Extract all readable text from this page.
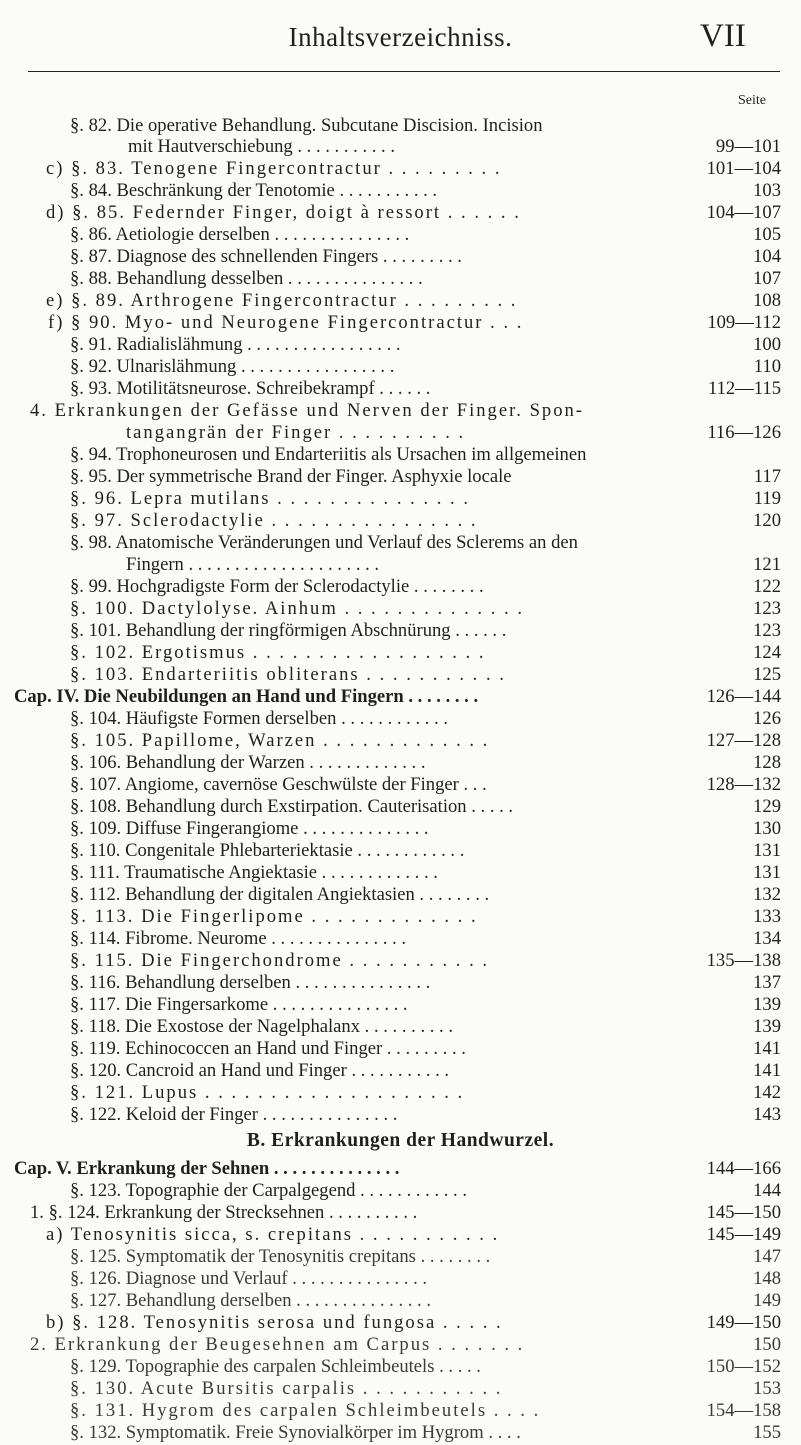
Inhaltsverzeichniss.	VII
Seite
§. 82. Die operative Behandlung. Subcutane Discision. Incision
mit Hautverschiebung . . . . . . . . . . .	99—101
c) §. 83. Tenogene Fingercontractur . . . . . . . . .	101—104
§. 84. Beschränkung der Tenotomie . . . . . . . . . . .	103
d) §. 85. Federnder Finger, doigt à ressort . . . . . .	104—107
§. 86. Aetiologie derselben . . . . . . . . . . . . . . .	105
§. 87. Diagnose des schnellenden Fingers . . . . . . . . .	104
§. 88. Behandlung desselben . . . . . . . . . . . . . . .	107
e) §. 89. Arthrogene Fingercontractur . . . . . . . . .	108
f) § 90. Myo- und Neurogene Fingercontractur . . .	109—112
§. 91. Radialislähmung . . . . . . . . . . . . . . . . .	100
§. 92. Ulnarislähmung . . . . . . . . . . . . . . . . .	110
§. 93. Motilitätsneurose. Schreibekrampf . . . . . .	112—115
4. Erkrankungen der Gefässe und Nerven der Finger. Spon-
tangangrän der Finger . . . . . . . . . .	116—126
§. 94. Trophoneurosen und Endarteriitis als Ursachen im allgemeinen
§. 95. Der symmetrische Brand der Finger. Asphyxie locale	117
§. 96. Lepra mutilans . . . . . . . . . . . . . . .	119
§. 97. Sclerodactylie . . . . . . . . . . . . . . . .	120
§. 98. Anatomische Veränderungen und Verlauf des Sclerems an den
Fingern . . . . . . . . . . . . . . . . . . . . .	121
§. 99. Hochgradigste Form der Sclerodactylie . . . . . . . .	122
§. 100. Dactylolyse. Ainhum . . . . . . . . . . . . . .	123
§. 101. Behandlung der ringförmigen Abschnürung . . . . . .	123
§. 102. Ergotismus . . . . . . . . . . . . . . . . . .	124
§. 103. Endarteriitis obliterans . . . . . . . . . . .	125
Cap. IV. Die Neubildungen an Hand und Fingern . . . . . . . .	126—144
§. 104. Häufigste Formen derselben . . . . . . . . . . . .	126
§. 105. Papillome, Warzen . . . . . . . . . . . . .	127—128
§. 106. Behandlung der Warzen . . . . . . . . . . . . .	128
§. 107. Angiome, cavernöse Geschwülste der Finger . . .	128—132
§. 108. Behandlung durch Exstirpation. Cauterisation . . . . .	129
§. 109. Diffuse Fingerangiome . . . . . . . . . . . . . .	130
§. 110. Congenitale Phlebarteriektasie . . . . . . . . . . . .	131
§. 111. Traumatische Angiektasie . . . . . . . . . . . . .	131
§. 112. Behandlung der digitalen Angiektasien . . . . . . . .	132
§. 113. Die Fingerlipome . . . . . . . . . . . . .	133
§. 114. Fibrome. Neurome . . . . . . . . . . . . . . .	134
§. 115. Die Fingerchondrome . . . . . . . . . . .	135—138
§. 116. Behandlung derselben . . . . . . . . . . . . . . .	137
§. 117. Die Fingersarkome . . . . . . . . . . . . . . .	139
§. 118. Die Exostose der Nagelphalanx . . . . . . . . . .	139
§. 119. Echinococcen an Hand und Finger . . . . . . . . .	141
§. 120. Cancroid an Hand und Finger . . . . . . . . . . .	141
§. 121. Lupus . . . . . . . . . . . . . . . . . . . .	142
§. 122. Keloid der Finger . . . . . . . . . . . . . . .	143
B. Erkrankungen der Handwurzel.
Cap. V. Erkrankung der Sehnen . . . . . . . . . . . . . .	144—166
§. 123. Topographie der Carpalgegend . . . . . . . . . . . .	144
1. §. 124. Erkrankung der Strecksehnen . . . . . . . . . .	145—150
a) Tenosynitis sicca, s. crepitans . . . . . . . . . . .	145—149
§. 125. Symptomatik der Tenosynitis crepitans . . . . . . . .	147
§. 126. Diagnose und Verlauf . . . . . . . . . . . . . . .	148
§. 127. Behandlung derselben . . . . . . . . . . . . . . .	149
b) §. 128. Tenosynitis serosa und fungosa . . . . .	149—150
2. Erkrankung der Beugesehnen am Carpus . . . . . . .	150
§. 129. Topographie des carpalen Schleimbeutels . . . . .	150—152
§. 130. Acute Bursitis carpalis . . . . . . . . . . .	153
§. 131. Hygrom des carpalen Schleimbeutels . . . .	154—158
§. 132. Symptomatik. Freie Synovialkörper im Hygrom . . . .	155
